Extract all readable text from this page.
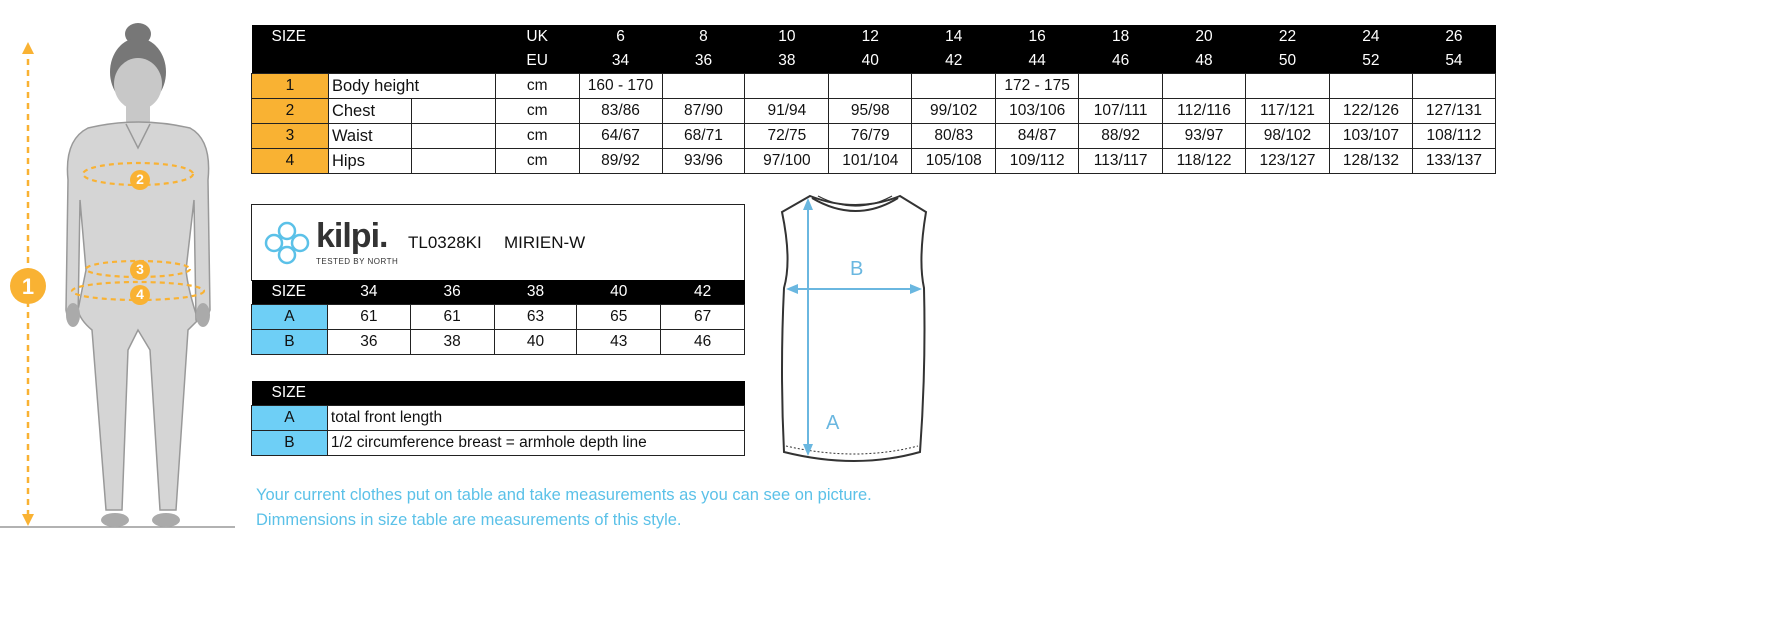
1
2
3
4
SIZE			UK	6	8	10	12	14	16	18	20	22	24	26
			EU	34	36	38	40	42	44	46	48	50	52	54
1	Body height		cm	160 - 170					172 - 175					
2	Chest		cm	83/86	87/90	91/94	95/98	99/102	103/106	107/111	112/116	117/121	122/126	127/131
3	Waist		cm	64/67	68/71	72/75	76/79	80/83	84/87	88/92	93/97	98/102	103/107	108/112
4	Hips		cm	89/92	93/96	97/100	101/104	105/108	109/112	113/117	118/122	123/127	128/132	133/137
kilpi.
TESTED BY NORTH
TL0328KI MIRIEN-W
SIZE	34	36	38	40	42
A	61	61	63	65	67
B	36	38	40	43	46
SIZE	
A	total front length
B	1/2 circumference breast = armhole depth line
B
A
Your current clothes put on table and take measurements as you can see on picture.
Dimmensions in size table are measurements of this style.
